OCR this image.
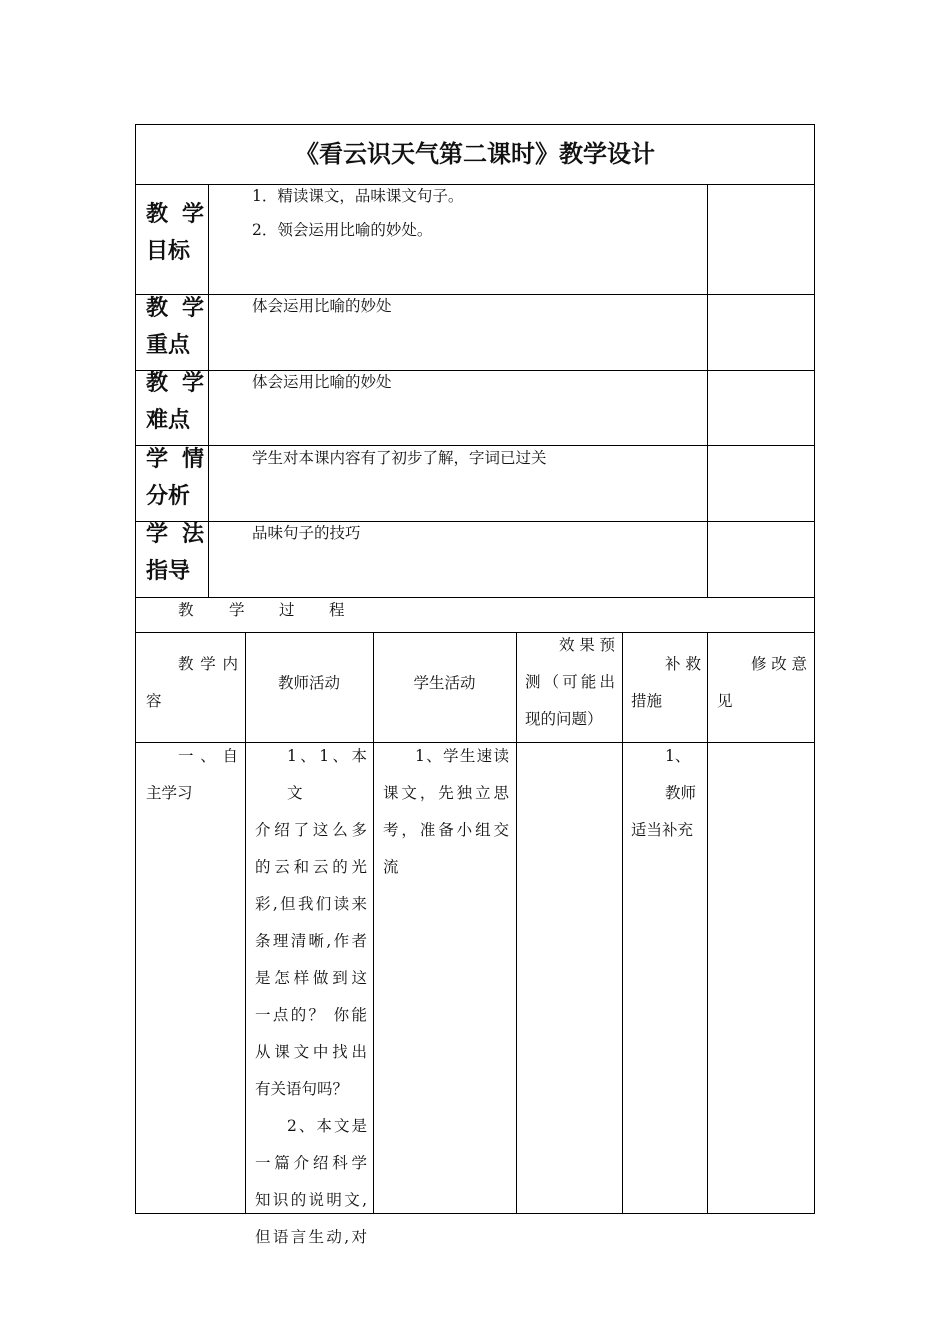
《看云识天气第二课时》教学设计
教 学
目标
教 学
重点
教 学
难点
学 情
分析
学 法
指导
1．精读课文，品味课文句子。
2．领会运用比喻的妙处。
体会运用比喻的妙处
体会运用比喻的妙处
学生对本课内容有了初步了解，字词已过关
品味句子的技巧
教 学 过 程
教学内
容
教师活动	学生活动
效果预
测（可能出
现的问题）
补救
措施
修改意
见
一、自
主学习

1、1、本文

介绍了这么多

的云和云的光

彩,但我们读来

条理清晰,作者

是怎样做到这

一点的？ 你能

从课文中找出

有关语句吗？

2、本文是

一篇介绍科学

知识的说明文,

但语言生动,对

1、学生速读

课文，先独立思

考，准备小组交

流

1、

教师

适当补充
